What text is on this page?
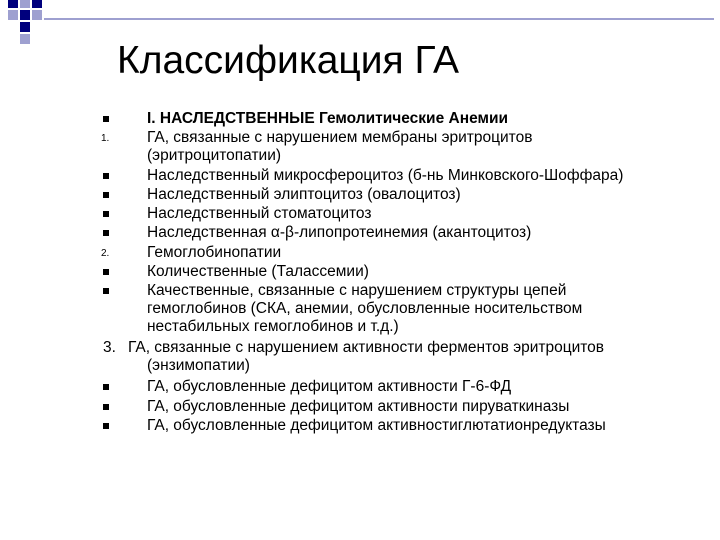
Классификация ГА
I. НАСЛЕДСТВЕННЫЕ Гемолитические Анемии
1. ГА, связанные с нарушением мембраны эритроцитов
(эритроцитопатии)
Наследственный микросфероцитоз (б-нь Минковского-Шоффара)
Наследственный элиптоцитоз (овалоцитоз)
Наследственный стоматоцитоз
Наследственная α-β-липопротеинемия (акантоцитоз)
2. Гемоглобинопатии
Количественные (Талассемии)
Качественные, связанные с нарушением структуры цепей
гемоглобинов (СКА, анемии, обусловленные носительством
нестабильных гемоглобинов и т.д.)
3. ГА, связанные с нарушением активности ферментов эритроцитов
(энзимопатии)
ГА, обусловленные дефицитом активности Г-6-ФД
ГА, обусловленные дефицитом активности пируваткиназы
ГА, обусловленные дефицитом активностиглютатионредуктазы
